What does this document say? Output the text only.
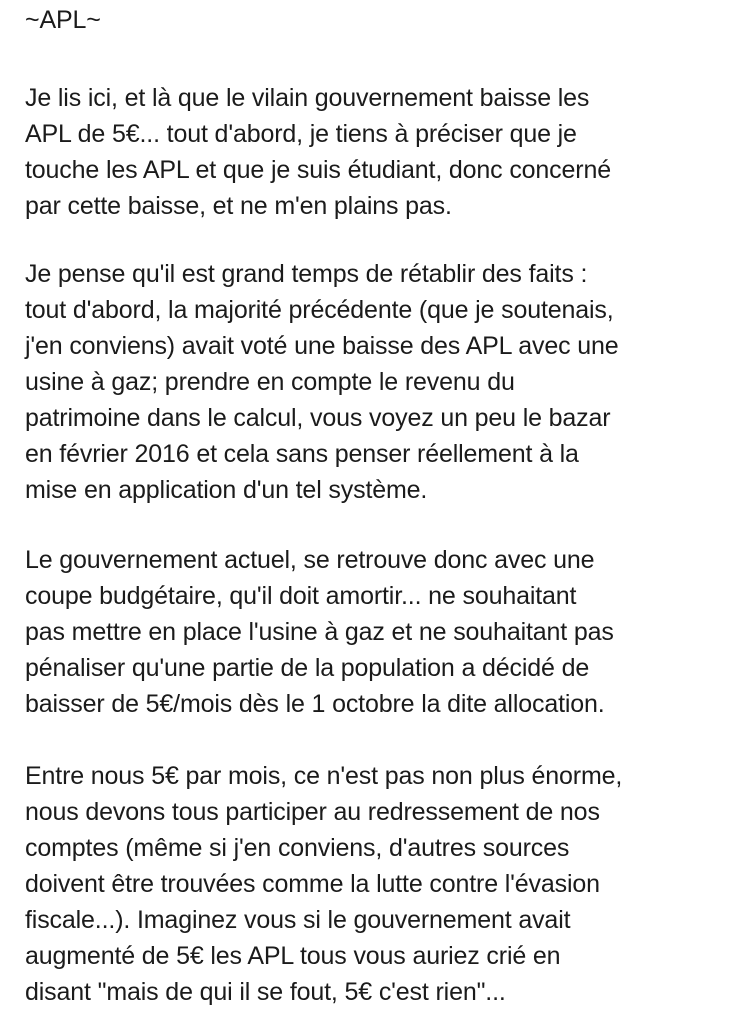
~APL~
Je lis ici, et là que le vilain gouvernement baisse les
APL de 5€... tout d'abord, je tiens à préciser que je
touche les APL et que je suis étudiant, donc concerné
par cette baisse, et ne m'en plains pas.
Je pense qu'il est grand temps de rétablir des faits :
tout d'abord, la majorité précédente (que je soutenais,
j'en conviens) avait voté une baisse des APL avec une
usine à gaz; prendre en compte le revenu du
patrimoine dans le calcul, vous voyez un peu le bazar
en février 2016 et cela sans penser réellement à la
mise en application d'un tel système.
Le gouvernement actuel, se retrouve donc avec une
coupe budgétaire, qu'il doit amortir... ne souhaitant
pas mettre en place l'usine à gaz et ne souhaitant pas
pénaliser qu'une partie de la population a décidé de
baisser de 5€/mois dès le 1 octobre la dite allocation.
Entre nous 5€ par mois, ce n'est pas non plus énorme,
nous devons tous participer au redressement de nos
comptes (même si j'en conviens, d'autres sources
doivent être trouvées comme la lutte contre l'évasion
fiscale...). Imaginez vous si le gouvernement avait
augmenté de 5€ les APL tous vous auriez crié en
disant "mais de qui il se fout, 5€ c'est rien"...
